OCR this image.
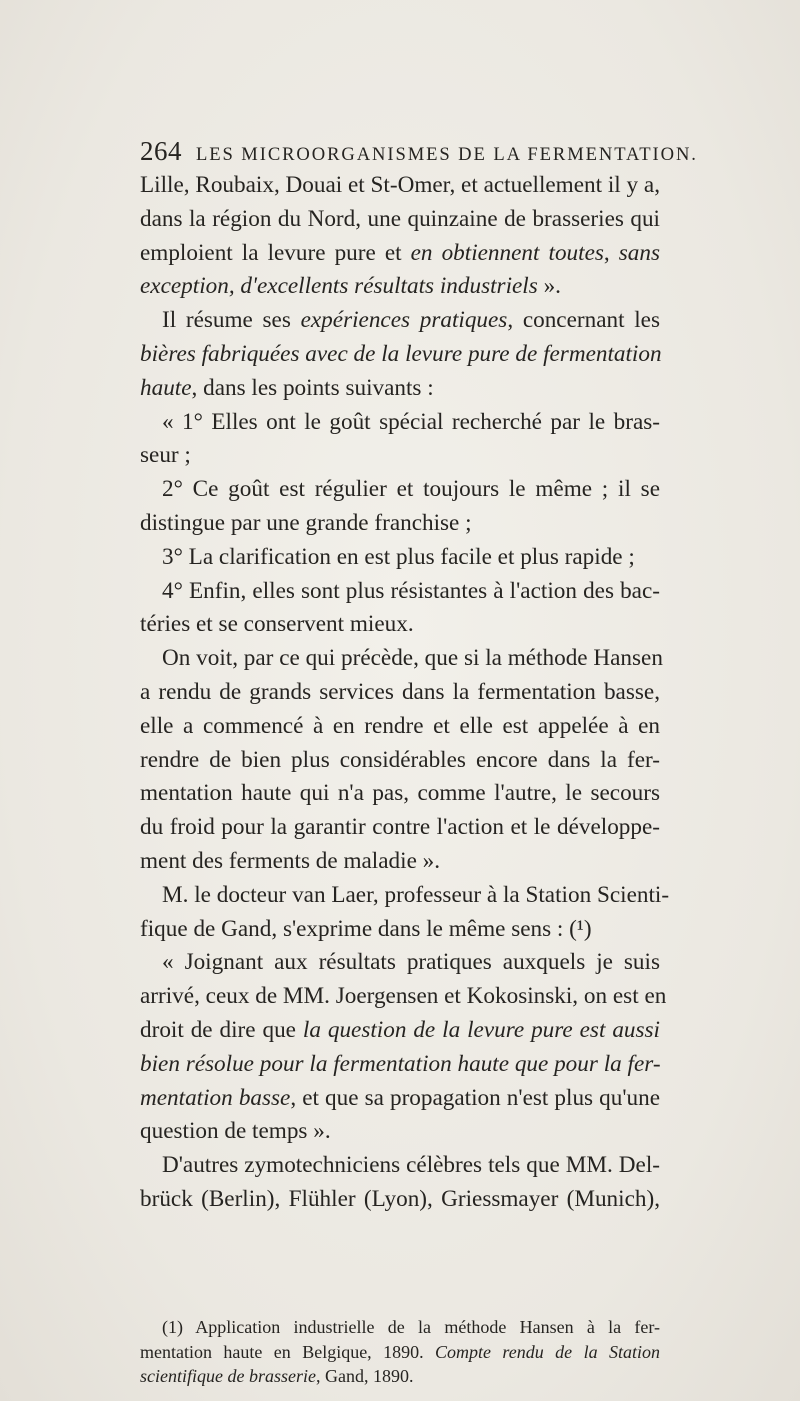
264 LES MICROORGANISMES DE LA FERMENTATION.
Lille, Roubaix, Douai et St-Omer, et actuellement il y a,
dans la région du Nord, une quinzaine de brasseries qui
emploient la levure pure et en obtiennent toutes, sans
exception, d'excellents résultats industriels ».
Il résume ses expériences pratiques, concernant les
bières fabriquées avec de la levure pure de fermentation
haute, dans les points suivants :
« 1° Elles ont le goût spécial recherché par le bras-
seur ;
2° Ce goût est régulier et toujours le même ; il se
distingue par une grande franchise ;
3° La clarification en est plus facile et plus rapide ;
4° Enfin, elles sont plus résistantes à l'action des bac-
téries et se conservent mieux.
On voit, par ce qui précède, que si la méthode Hansen
a rendu de grands services dans la fermentation basse,
elle a commencé à en rendre et elle est appelée à en
rendre de bien plus considérables encore dans la fer-
mentation haute qui n'a pas, comme l'autre, le secours
du froid pour la garantir contre l'action et le développe-
ment des ferments de maladie ».
M. le docteur van Laer, professeur à la Station Scienti-
fique de Gand, s'exprime dans le même sens : (¹)
« Joignant aux résultats pratiques auxquels je suis
arrivé, ceux de MM. Joergensen et Kokosinski, on est en
droit de dire que la question de la levure pure est aussi
bien résolue pour la fermentation haute que pour la fer-
mentation basse, et que sa propagation n'est plus qu'une
question de temps ».
D'autres zymotechniciens célèbres tels que MM. Del-
brück (Berlin), Flühler (Lyon), Griessmayer (Munich),
(1) Application industrielle de la méthode Hansen à la fer-
mentation haute en Belgique, 1890. Compte rendu de la Station
scientifique de brasserie, Gand, 1890.
